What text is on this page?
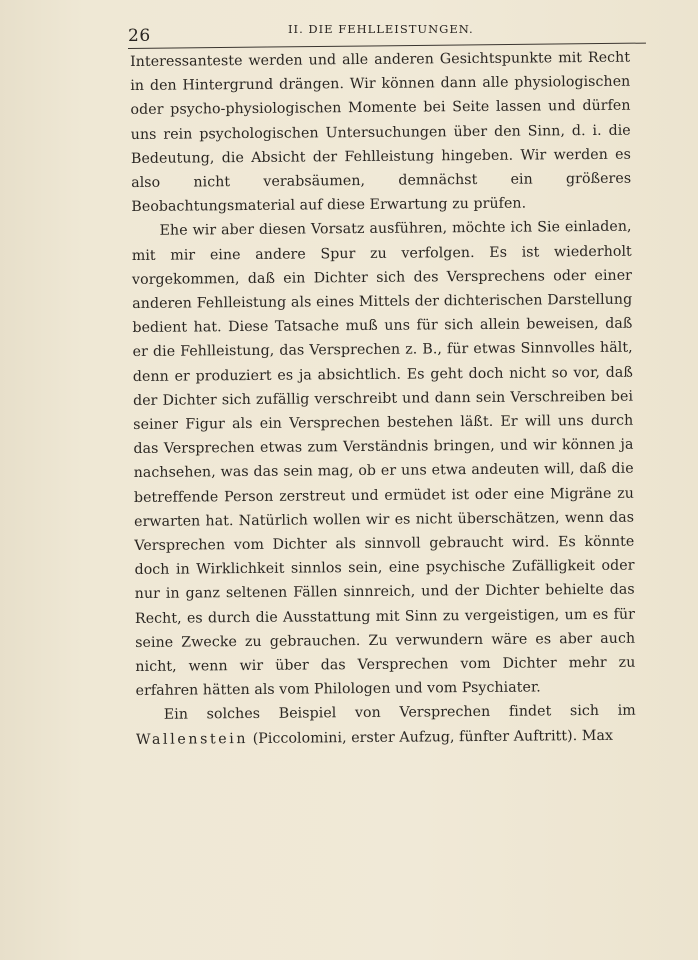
26	II. DIE FEHLLEISTUNGEN.

Interessanteste werden und alle anderen Gesichtspunkte mit Recht in den Hintergrund drängen. Wir können dann alle physiologischen oder psycho-physiologischen Momente bei Seite lassen und dürfen uns rein psychologischen Untersuchungen über den Sinn, d. i. die Bedeutung, die Absicht der Fehlleistung hingeben. Wir werden es also nicht verabsäumen, demnächst ein größeres Beobachtungsmaterial auf diese Erwartung zu prüfen.

Ehe wir aber diesen Vorsatz ausführen, möchte ich Sie einladen, mit mir eine andere Spur zu verfolgen. Es ist wiederholt vorgekommen, daß ein Dichter sich des Versprechens oder einer anderen Fehlleistung als eines Mittels der dichterischen Darstellung bedient hat. Diese Tatsache muß uns für sich allein beweisen, daß er die Fehlleistung, das Versprechen z. B., für etwas Sinnvolles hält, denn er produziert es ja absichtlich. Es geht doch nicht so vor, daß der Dichter sich zufällig verschreibt und dann sein Verschreiben bei seiner Figur als ein Versprechen bestehen läßt. Er will uns durch das Versprechen etwas zum Verständnis bringen, und wir können ja nachsehen, was das sein mag, ob er uns etwa andeuten will, daß die betreffende Person zerstreut und ermüdet ist oder eine Migräne zu erwarten hat. Natürlich wollen wir es nicht überschätzen, wenn das Versprechen vom Dichter als sinnvoll gebraucht wird. Es könnte doch in Wirklichkeit sinnlos sein, eine psychische Zufälligkeit oder nur in ganz seltenen Fällen sinnreich, und der Dichter behielte das Recht, es durch die Ausstattung mit Sinn zu vergeistigen, um es für seine Zwecke zu gebrauchen. Zu verwundern wäre es aber auch nicht, wenn wir über das Versprechen vom Dichter mehr zu erfahren hätten als vom Philologen und vom Psychiater.

Ein solches Beispiel von Versprechen findet sich im Wallenstein (Piccolomini, erster Aufzug, fünfter Auftritt). Max
